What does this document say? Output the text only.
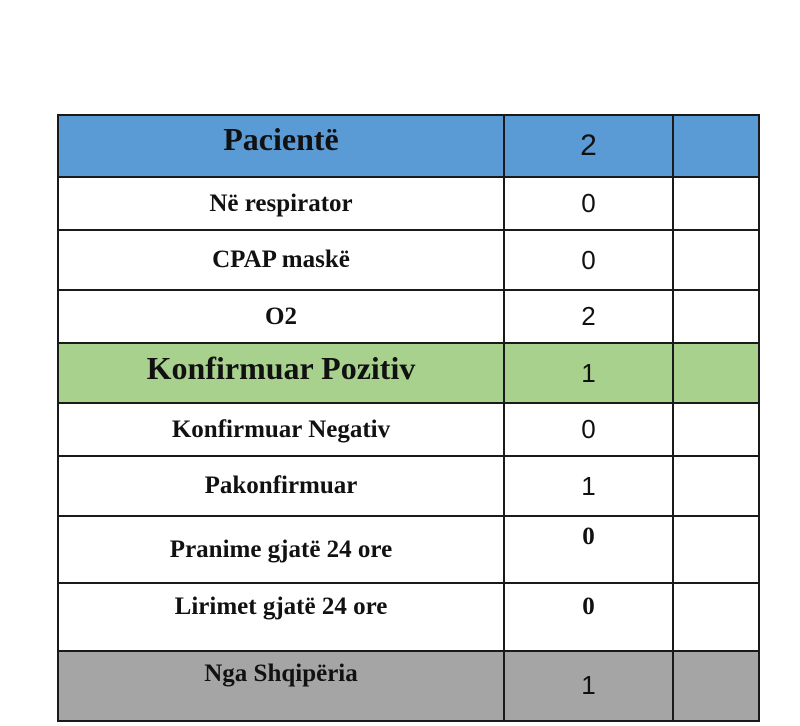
Pacientë	2	
Në respirator	0	
CPAP maskë	0	
O2	2	
Konfirmuar Pozitiv	1	
Konfirmuar Negativ	0	
Pakonfirmuar	1	
Pranime gjatë 24 ore	0	
Lirimet gjatë 24 ore	0	
Nga Shqipëria	1	
